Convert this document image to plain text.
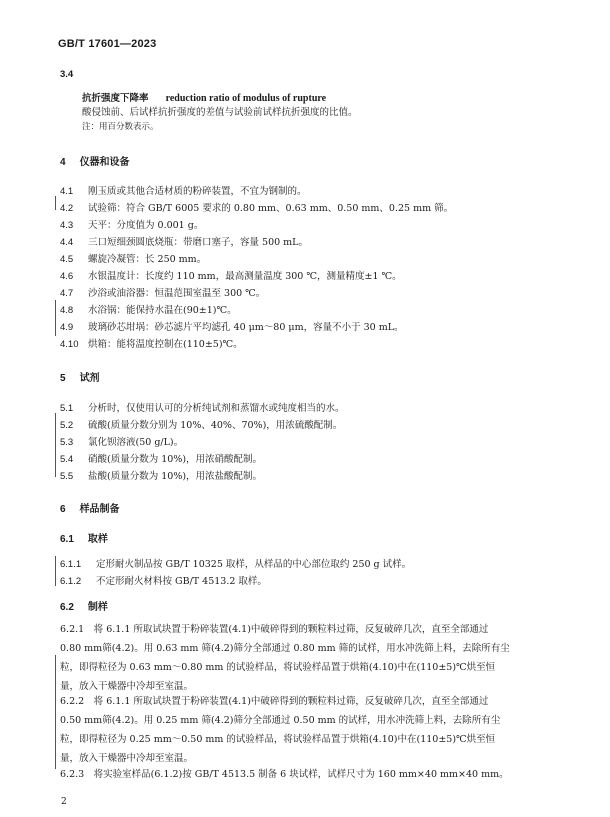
GB/T 17601—2023
3.4
抗折强度下降率 reduction ratio of modulus of rupture
酸侵蚀前、后试样抗折强度的差值与试验前试样抗折强度的比值。
注：用百分数表示。
4 仪器和设备
4.1 刚玉质或其他合适材质的粉碎装置，不宜为钢制的。
4.2 试验筛：符合 GB/T 6005 要求的 0.80 mm、0.63 mm、0.50 mm、0.25 mm 筛。
4.3 天平：分度值为 0.001 g。
4.4 三口短细颈圆底烧瓶：带磨口塞子，容量 500 mL。
4.5 螺旋冷凝管：长 250 mm。
4.6 水银温度计：长度约 110 mm，最高测量温度 300 ℃，测量精度±1 ℃。
4.7 沙浴或油浴器：恒温范围室温至 300 ℃。
4.8 水浴锅：能保持水温在(90±1)℃。
4.9 玻璃砂芯坩埚：砂芯滤片平均滤孔 40 μm～80 μm，容量不小于 30 mL。
4.10 烘箱：能将温度控制在(110±5)℃。
5 试剂
5.1 分析时，仅使用认可的分析纯试剂和蒸馏水或纯度相当的水。
5.2 硫酸(质量分数分别为 10%、40%、70%)，用浓硫酸配制。
5.3 氯化钡溶液(50 g/L)。
5.4 硝酸(质量分数为 10%)，用浓硝酸配制。
5.5 盐酸(质量分数为 10%)，用浓盐酸配制。
6 样品制备
6.1 取样
6.1.1 定形耐火制品按 GB/T 10325 取样，从样品的中心部位取约 250 g 试样。
6.1.2 不定形耐火材料按 GB/T 4513.2 取样。
6.2 制样
6.2.1　将 6.1.1 所取试块置于粉碎装置(4.1)中破碎得到的颗粒料过筛，反复破碎几次，直至全部通过
0.80 mm筛(4.2)。用 0.63 mm 筛(4.2)筛分全部通过 0.80 mm 筛的试样，用水冲洗筛上料，去除所有尘
粒，即得粒径为 0.63 mm～0.80 mm 的试验样品，将试验样品置于烘箱(4.10)中在(110±5)℃烘至恒
量，放入干燥器中冷却至室温。
6.2.2　将 6.1.1 所取试块置于粉碎装置(4.1)中破碎得到的颗粒料过筛，反复破碎几次，直至全部通过
0.50 mm筛(4.2)。用 0.25 mm 筛(4.2)筛分全部通过 0.50 mm 的试样，用水冲洗筛上料，去除所有尘
粒，即得粒径为 0.25 mm～0.50 mm 的试验样品，将试验样品置于烘箱(4.10)中在(110±5)℃烘至恒
量，放入干燥器中冷却至室温。
6.2.3　将实验室样品(6.1.2)按 GB/T 4513.5 制备 6 块试样，试样尺寸为 160 mm×40 mm×40 mm。
2
